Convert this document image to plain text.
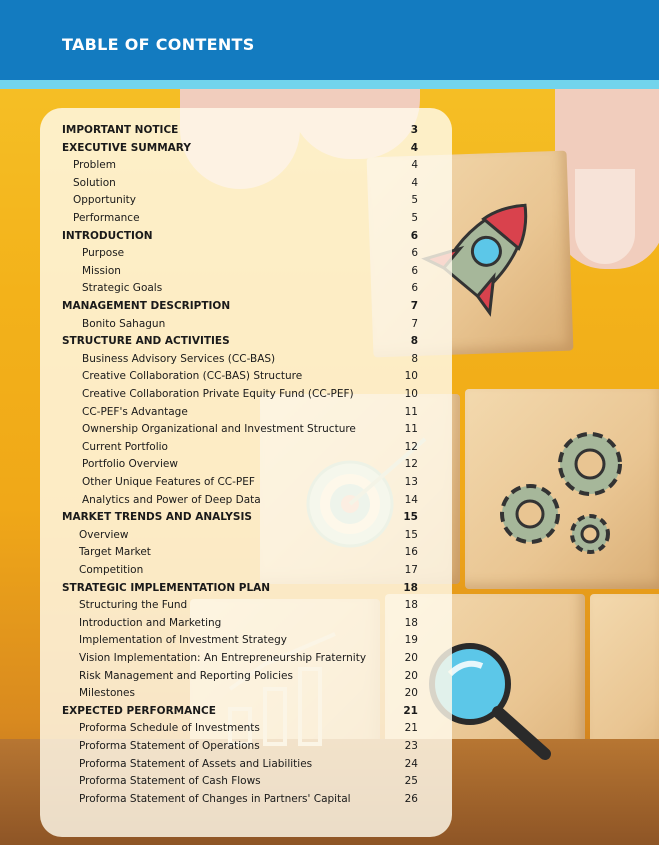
TABLE OF CONTENTS
IMPORTANT NOTICE	3
EXECUTIVE SUMMARY	4
Problem	4
Solution	4
Opportunity	5
Performance	5
INTRODUCTION	6
Purpose	6
Mission	6
Strategic Goals	6
MANAGEMENT DESCRIPTION	7
Bonito Sahagun	7
STRUCTURE AND ACTIVITIES	8
Business Advisory Services (CC-BAS)	8
Creative Collaboration (CC-BAS) Structure	10
Creative Collaboration Private Equity Fund (CC-PEF)	10
CC-PEF's Advantage	11
Ownership Organizational and Investment Structure	11
Current Portfolio	12
Portfolio Overview	12
Other Unique Features of CC-PEF	13
Analytics and Power of Deep Data	14
MARKET TRENDS AND ANALYSIS	15
Overview	15
Target Market	16
Competition	17
STRATEGIC IMPLEMENTATION PLAN	18
Structuring the Fund	18
Introduction and Marketing	18
Implementation of Investment Strategy	19
Vision Implementation: An Entrepreneurship Fraternity	20
Risk Management and Reporting Policies	20
Milestones	20
EXPECTED PERFORMANCE	21
Proforma Schedule of Investments	21
Proforma Statement of Operations	23
Proforma Statement of Assets and Liabilities	24
Proforma Statement of Cash Flows	25
Proforma Statement of Changes in Partners' Capital	26
